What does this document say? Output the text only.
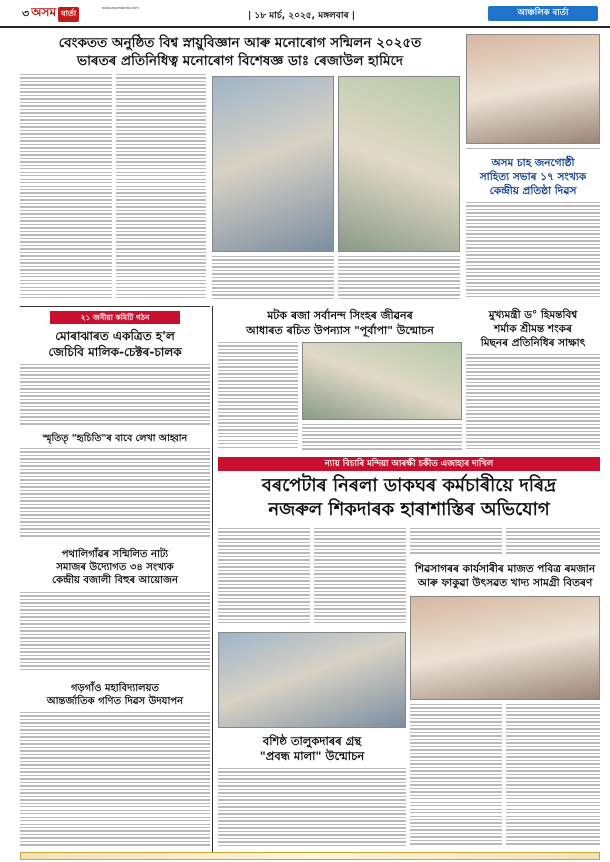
৩ অসম বাৰ্তা
www.asombarta.com
| ১৮ মাৰ্চ, ২০২৫, মঙ্গলবাৰ |	আঞ্চলিক বাৰ্তা
বেংকতত অনুষ্ঠিত বিশ্ব স্নায়ুবিজ্ঞান আৰু মনোৰোগ সন্মিলন ২০২৫ত
ভাৰতৰ প্ৰতিনিধিত্ব মনোৰোগ বিশেষজ্ঞ ডাঃ ৰেজাউল হামিদে
অসম চাহ জনগোষ্ঠী
সাহিত্য সভাৰ ১৭ সংখ্যক
কেন্দ্ৰীয় প্ৰতিষ্ঠা দিৱস
২১ জনীয়া কমিটি গঠন
মোৰাঝাৰত একত্ৰিত হ'ল
জেচিবি মালিক-চেক্টৰ-চালক
স্মৃতিতৃ "হৃচিতি"ৰ বাবে লেখা আহ্বান
পথালিগাঁৱৰ সন্মিলিত নাট্য
সমাজৰ উদ্যোগত ৩৪ সংখ্যক
কেন্দ্ৰীয় বজালী বিহুৰ আয়োজন
গড়গাঁও মহাবিদ্যালয়ত
আন্তৰ্জাতিক গণিত দিৱস উদযাপন
মটক ৰজা সৰ্বানন্দ সিংহৰ জীৱনৰ
আধাৰত ৰচিত উপন্যাস "পূৰ্বাপা" উন্মোচন
মুখ্যমন্ত্ৰী ড° হিমন্তবিশ্ব
শৰ্মাক শ্ৰীমন্ত শংকৰ
মিছনৰ প্ৰতিনিধিৰ সাক্ষাৎ
ন্যায় বিচাৰি মন্দিয়া আৰক্ষী চকীত এজাহাৰ দাখিল
বৰপেটাৰ নিৰলা ডাকঘৰ কৰ্মচাৰীয়ে দৰিদ্ৰ
নজৰুল শিকদাৰক হাৰাশাস্তিৰ অভিযোগ
শিৱসাগৰৰ কাৰ্যসাৰীৰ মাজত পবিত্ৰ ৰমজান
আৰু ফাকুৱা উৎসৱত খাদ্য সামগ্ৰী বিতৰণ
বশিষ্ঠ তালুকদাৰৰ গ্ৰন্থ
"প্ৰবন্ধ মালা" উন্মোচন
